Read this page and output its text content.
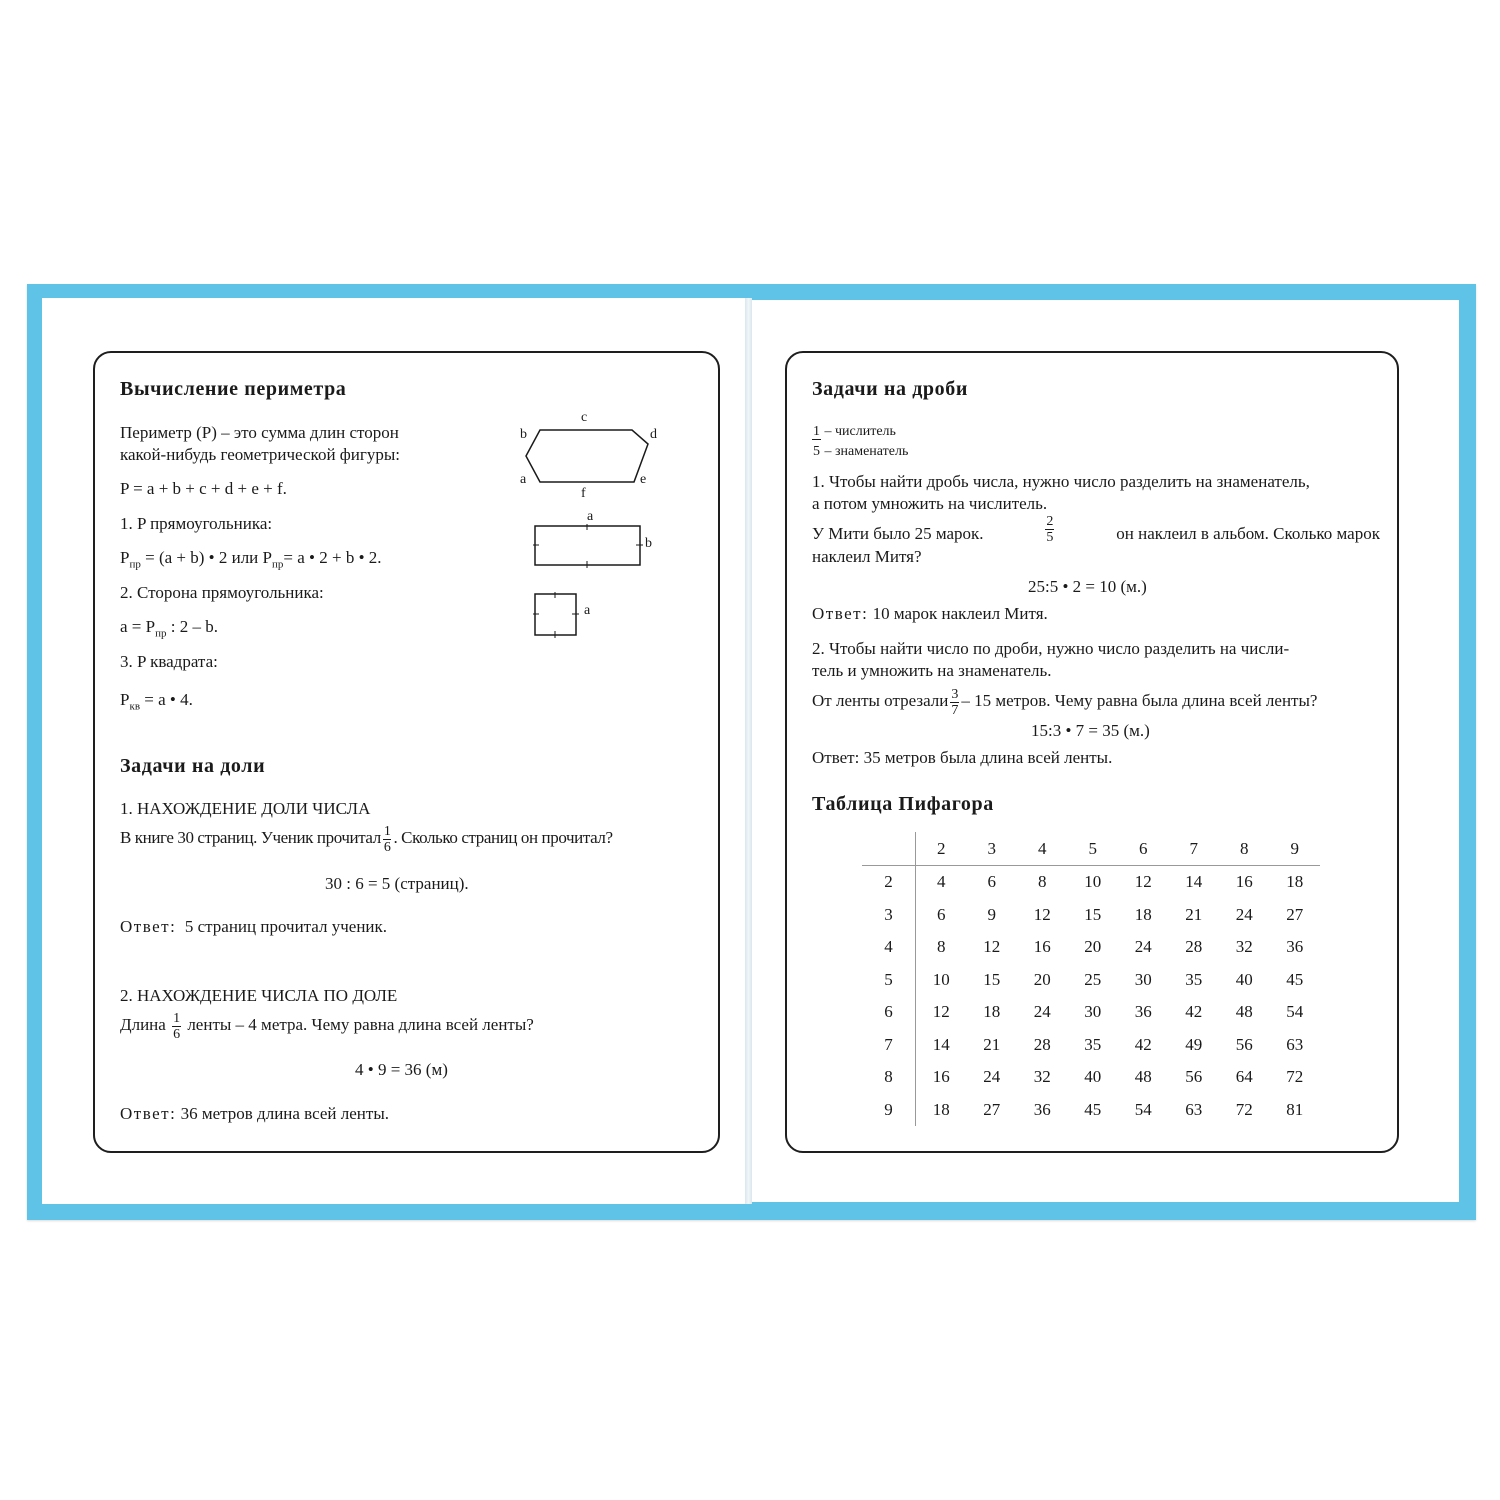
Вычисление периметра
Периметр (P) – это сумма длин сторон
какой-нибудь геометрической фигуры:
P = a + b + c + d + e + f.
1. P прямоугольника:
$P_{пр} = (a + b)$ • 2 или $P_{пр}= a$ • 2 + b • 2.
2. Сторона прямоугольника:
$a = P_{пр}$ : 2 – b.
3. P квадрата:
$P_{кв} = a$ • 4.
c
b	d
a	e
f
a
b
a
Задачи на доли
1. НАХОЖДЕНИЕ ДОЛИ ЧИСЛА
В книге 30 страниц. Ученик прочитал $\frac{1}{6}$ . Сколько страниц он прочитал?
30 : 6 = 5 (страниц).
Ответ: 5 страниц прочитал ученик.
2. НАХОЖДЕНИЕ ЧИСЛА ПО ДОЛЕ
Длина $\frac{1}{6}$ ленты – 4 метра. Чему равна длина всей ленты?
4 • 9 = 36 (м)
Ответ: 36 метров длина всей ленты.
Задачи на дроби
1 – числитель
5 – знаменатель
1. Чтобы найти дробь числа, нужно число разделить на знаменатель,
а потом умножить на числитель.
У Мити было 25 марок.	$\frac{2}{5}$	он наклеил в альбом. Сколько марок
наклеил Митя?
25:5 • 2 = 10 (м.)
Ответ: 10 марок наклеил Митя.
2. Чтобы найти число по дроби, нужно число разделить на числи-
тель и умножить на знаменатель.
От ленты отрезали $\frac{3}{7} - 15$ метров. Чему равна была длина всей ленты?
15:3 • 7 = 35 (м.)
Ответ: 35 метров была длина всей ленты.
Таблица Пифагора
	2	3	4	5	6	7	8	9
2	4	6	8	10	12	14	16	18
3	6	9	12	15	18	21	24	27
4	8	12	16	20	24	28	32	36
5	10	15	20	25	30	35	40	45
6	12	18	24	30	36	42	48	54
7	14	21	28	35	42	49	56	63
8	16	24	32	40	48	56	64	72
9	18	27	36	45	54	63	72	81
